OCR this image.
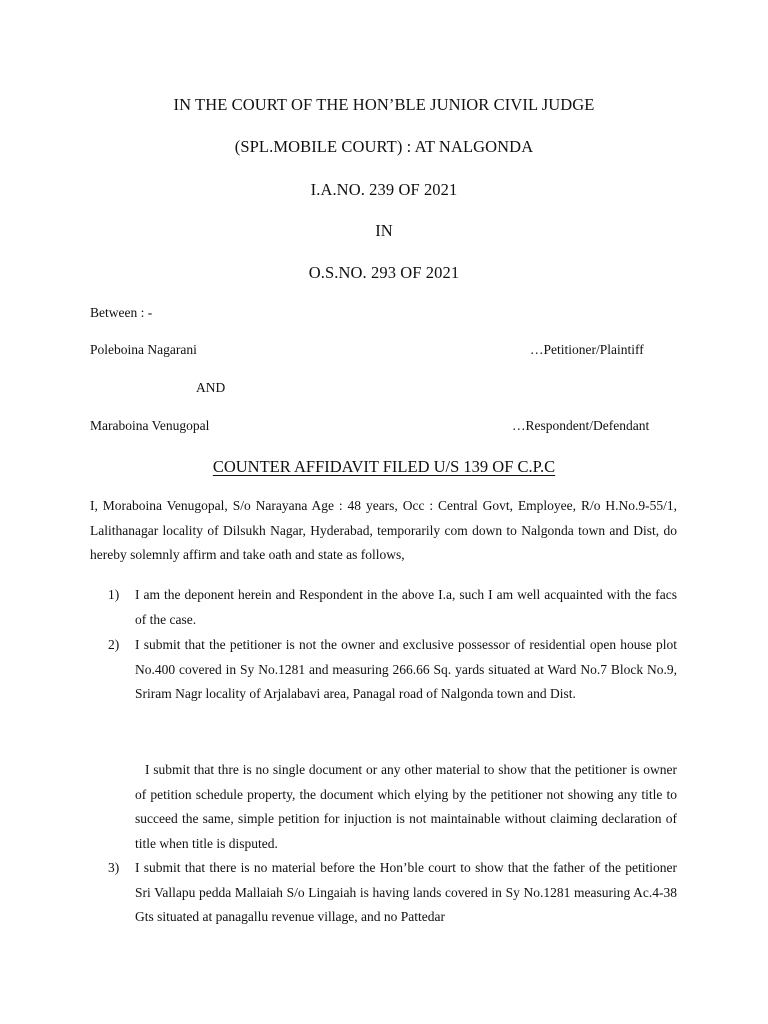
IN THE COURT OF THE HON’BLE JUNIOR CIVIL JUDGE
(SPL.MOBILE COURT) : AT NALGONDA
I.A.NO. 239 OF 2021
IN
O.S.NO. 293 OF 2021
Between : -
Poleboina Nagarani	…Petitioner/Plaintiff
AND
Maraboina Venugopal	…Respondent/Defendant
COUNTER AFFIDAVIT FILED U/S 139 OF C.P.C
I, Moraboina Venugopal, S/o Narayana Age : 48 years, Occ : Central Govt, Employee, R/o H.No.9-55/1, Lalithanagar locality of Dilsukh Nagar, Hyderabad, temporarily com down to Nalgonda town and Dist, do hereby solemnly affirm and take oath and state as follows,
1) I am the deponent herein and Respondent in the above I.a, such I am well acquainted with the facs of the case.
2) I submit that the petitioner is not the owner and exclusive possessor of residential open house plot No.400 covered in Sy No.1281 and measuring 266.66 Sq. yards situated at Ward No.7 Block No.9, Sriram Nagr locality of Arjalabavi area, Panagal road of Nalgonda town and Dist.
I submit that thre is no single document or any other material to show that the petitioner is owner of petition schedule property, the document which elying by the petitioner not showing any title to succeed the same, simple petition for injuction is not maintainable without claiming declaration of title when title is disputed.
3) I submit that there is no material before the Hon’ble court to show that the father of the petitioner Sri Vallapu pedda Mallaiah S/o Lingaiah is having lands covered in Sy No.1281 measuring Ac.4-38 Gts situated at panagallu revenue village, and no Pattedar
